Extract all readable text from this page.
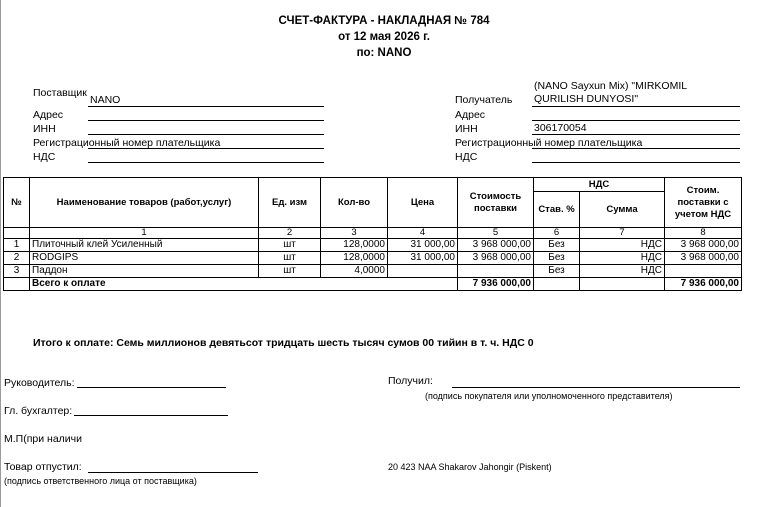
СЧЕТ-ФАКТУРА - НАКЛАДНАЯ № 784
от 12 мая 2026 г.
по: NANO
Поставщик
NANO
Адрес
ИНН
Регистрационный номер плательщика
НДС
(NANO Sayxun Mix) "MIRKOMIL
Получатель QURILISH DUNYOSI"
Адрес
ИНН	306170054
Регистрационный номер плательщика
НДС
№	Наименование товаров (работ,услуг)	Ед. изм	Кол-во	Цена	Стоимость поставки	НДС		Стоим. поставки с учетом НДС
						Став. %	Сумма	
	1	2	3	4	5	6	7	8
1	Плиточный клей Усиленный	шт	128,0000	31 000,00	3 968 000,00	Без	НДС	3 968 000,00
2	RODGIPS	шт	128,0000	31 000,00	3 968 000,00	Без	НДС	3 968 000,00
3	Паддон	шт	4,0000			Без	НДС	
	Всего к оплате				7 936 000,00			7 936 000,00
Итого к оплате: Семь миллионов девятьсот тридцать шесть тысяч сумов 00 тийин в т. ч. НДС 0
Руководитель:
Гл. бухгалтер:
М.П(при наличи
Товар отпустил:
(подпись ответственного лица от поставщика)
Получил:
(подпись покупателя или уполномоченного представителя)
20 423 NAA Shakarov Jahongir (Piskent)
